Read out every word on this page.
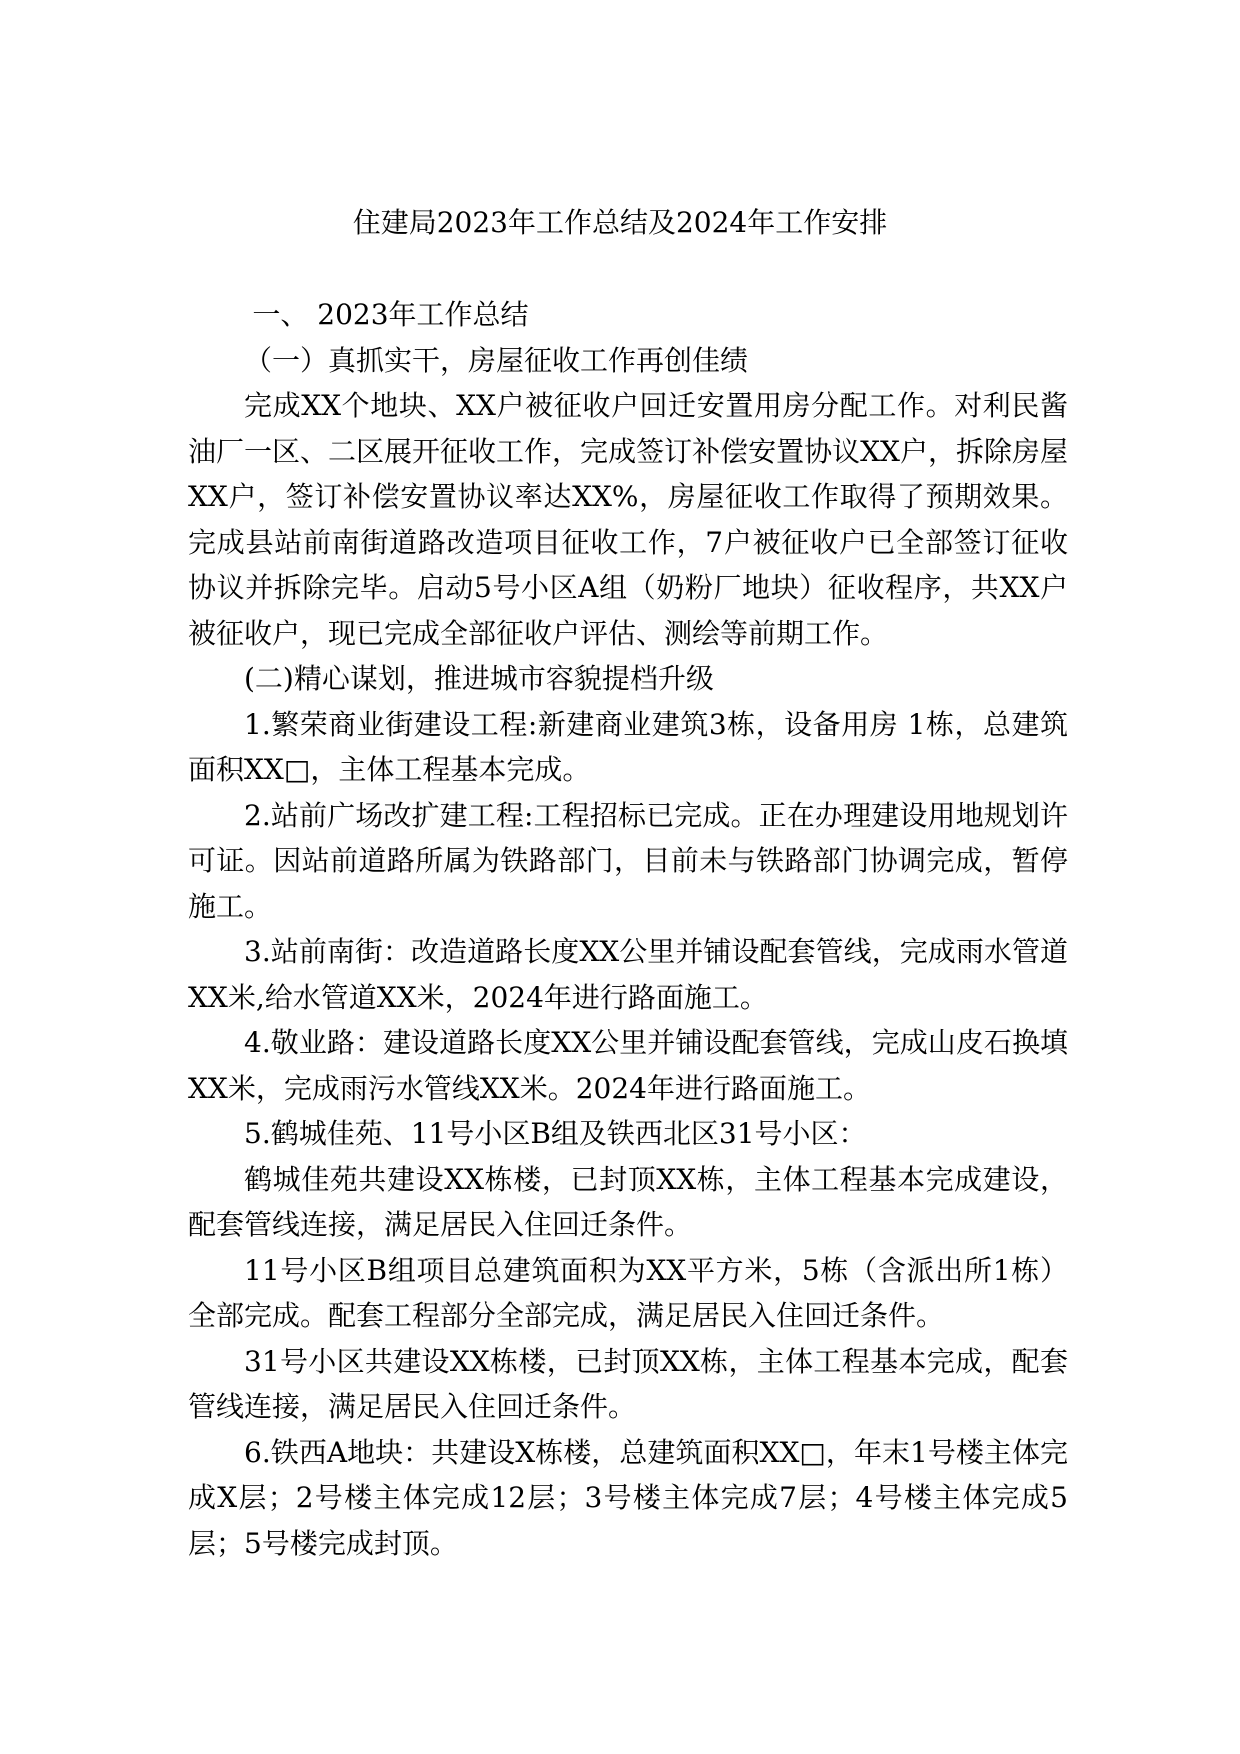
住建局2023年工作总结及2024年工作安排

一、 2023年工作总结

（一）真抓实干，房屋征收工作再创佳绩

完成XX个地块、XX户被征收户回迁安置用房分配工作。对利民酱油厂一区、二区展开征收工作，完成签订补偿安置协议XX户，拆除房屋XX户，签订补偿安置协议率达XX%，房屋征收工作取得了预期效果。完成县站前南街道路改造项目征收工作，7户被征收户已全部签订征收协议并拆除完毕。启动5号小区A组（奶粉厂地块）征收程序，共XX户被征收户，现已完成全部征收户评估、测绘等前期工作。

(二)精心谋划，推进城市容貌提档升级

1.繁荣商业街建设工程:新建商业建筑3栋，设备用房 1栋，总建筑面积XX□，主体工程基本完成。

2.站前广场改扩建工程:工程招标已完成。正在办理建设用地规划许可证。因站前道路所属为铁路部门，目前未与铁路部门协调完成，暂停施工。

3.站前南街：改造道路长度XX公里并铺设配套管线，完成雨水管道XX米,给水管道XX米，2024年进行路面施工。

4.敬业路：建设道路长度XX公里并铺设配套管线，完成山皮石换填XX米，完成雨污水管线XX米。2024年进行路面施工。

5.鹤城佳苑、11号小区B组及铁西北区31号小区：

鹤城佳苑共建设XX栋楼，已封顶XX栋，主体工程基本完成建设，配套管线连接，满足居民入住回迁条件。

11号小区B组项目总建筑面积为XX平方米，5栋（含派出所1栋）全部完成。配套工程部分全部完成，满足居民入住回迁条件。

31号小区共建设XX栋楼，已封顶XX栋，主体工程基本完成，配套管线连接，满足居民入住回迁条件。

6.铁西A地块：共建设X栋楼，总建筑面积XX□，年末1号楼主体完成X层；2号楼主体完成12层；3号楼主体完成7层；4号楼主体完成5层；5号楼完成封顶。
